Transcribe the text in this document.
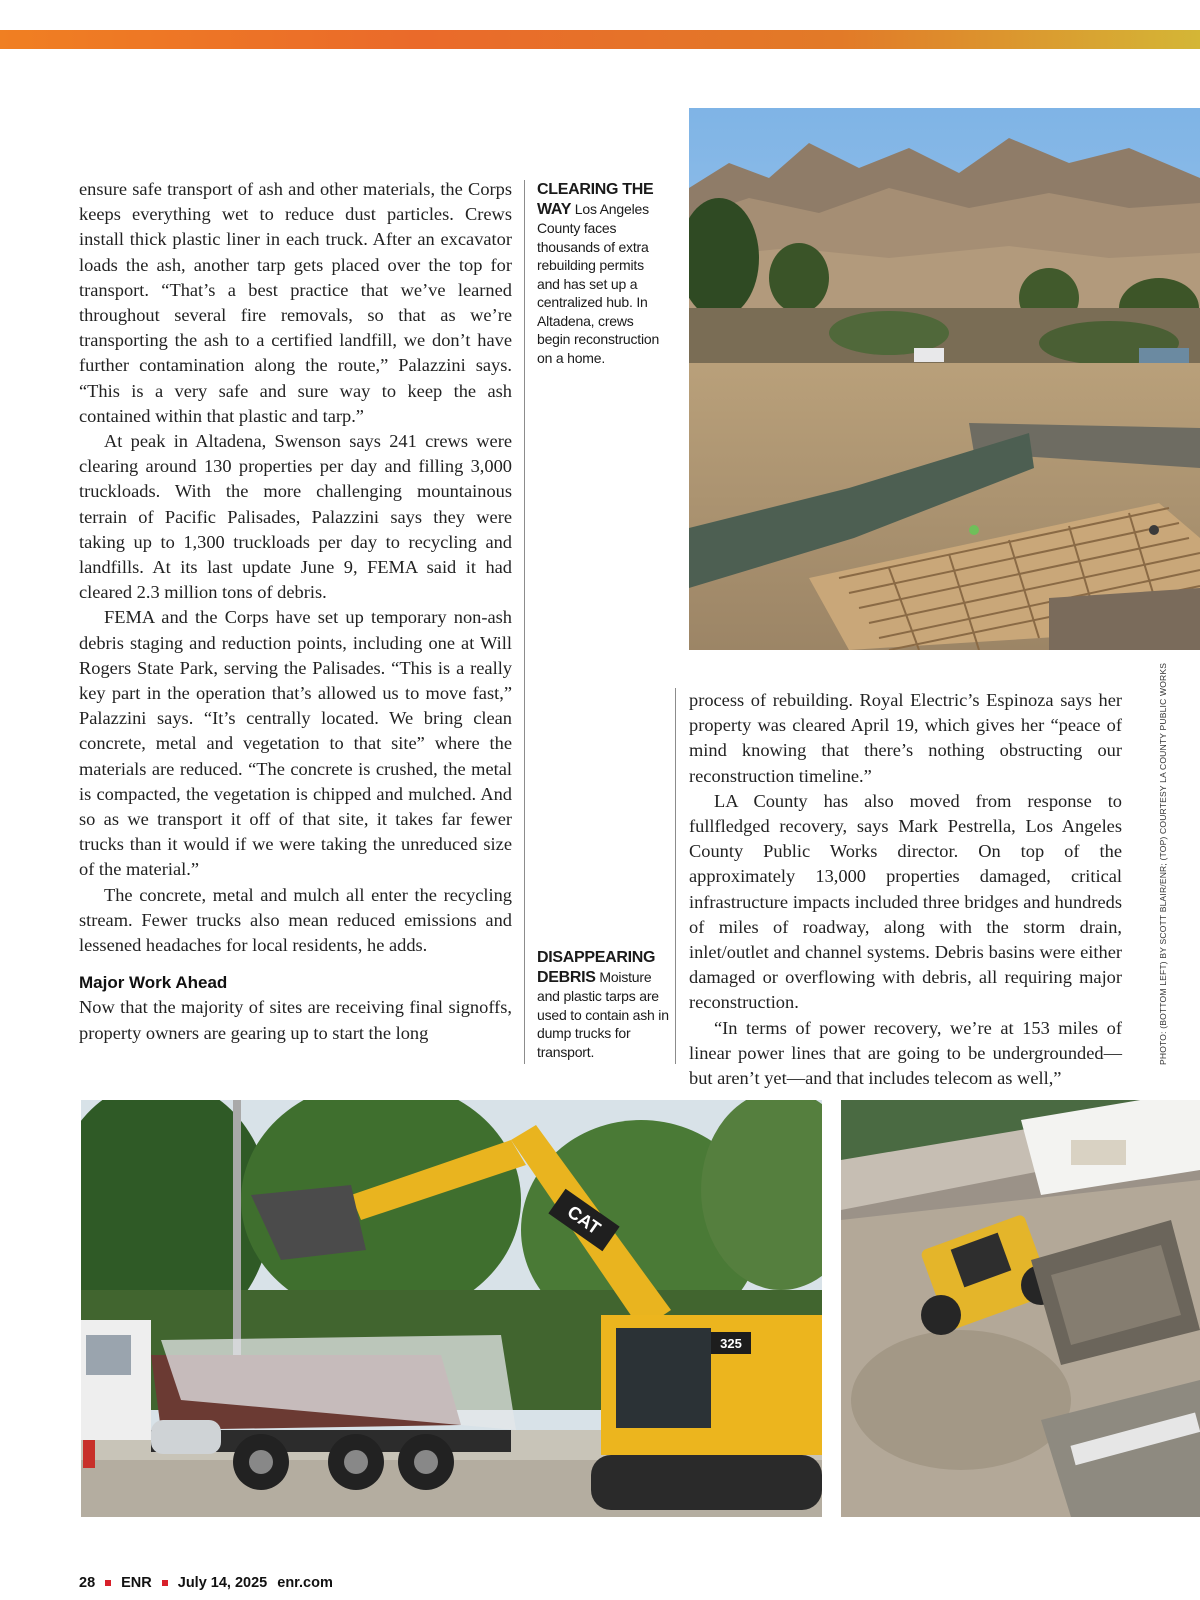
ensure safe transport of ash and other materials, the Corps keeps everything wet to reduce dust particles. Crews install thick plastic liner in each truck. After an excavator loads the ash, another tarp gets placed over the top for transport. “That’s a best practice that we’ve learned throughout several fire removals, so that as we’re transporting the ash to a certified landfill, we don’t have further contamination along the route,” Palazzini says. “This is a very safe and sure way to keep the ash contained within that plastic and tarp.”

At peak in Altadena, Swenson says 241 crews were clearing around 130 properties per day and filling 3,000 truckloads. With the more challenging mountainous terrain of Pacific Palisades, Palazzini says they were taking up to 1,300 truckloads per day to recycling and landfills. At its last update June 9, FEMA said it had cleared 2.3 million tons of debris.

FEMA and the Corps have set up temporary non-ash debris staging and reduction points, including one at Will Rogers State Park, serving the Palisades. “This is a really key part in the operation that’s allowed us to move fast,” Palazzini says. “It’s centrally located. We bring clean concrete, metal and vegetation to that site” where the materials are reduced. “The concrete is crushed, the metal is compacted, the vegetation is chipped and mulched. And so as we transport it off of that site, it takes far fewer trucks than it would if we were taking the unreduced size of the material.”

The concrete, metal and mulch all enter the recycling stream. Fewer trucks also mean reduced emissions and lessened headaches for local residents, he adds.

Major Work Ahead

Now that the majority of sites are receiving final signoffs, property owners are gearing up to start the long

CLEARING THE WAY Los Angeles County faces thousands of extra rebuilding permits and has set up a centralized hub. In Altadena, crews begin reconstruction on a home.
DISAPPEARING DEBRIS Moisture and plastic tarps are used to contain ash in dump trucks for transport.

process of rebuilding. Royal Electric’s Espinoza says her property was cleared April 19, which gives her “peace of mind knowing that there’s nothing obstructing our reconstruction timeline.”

LA County has also moved from response to fullfledged recovery, says Mark Pestrella, Los Angeles County Public Works director. On top of the approximately 13,000 properties damaged, critical infrastructure impacts included three bridges and hundreds of miles of roadway, along with the storm drain, inlet/outlet and channel systems. Debris basins were either damaged or overflowing with debris, all requiring major reconstruction.

“In terms of power recovery, we’re at 153 miles of linear power lines that are going to be undergrounded—but aren’t yet—and that includes telecom as well,”

CAT
325
PHOTO: (BOTTOM LEFT) BY SCOTT BLAIR/ENR; (TOP) COURTESY LA COUNTY PUBLIC WORKS
28 ENR July 14, 2025 enr.com
